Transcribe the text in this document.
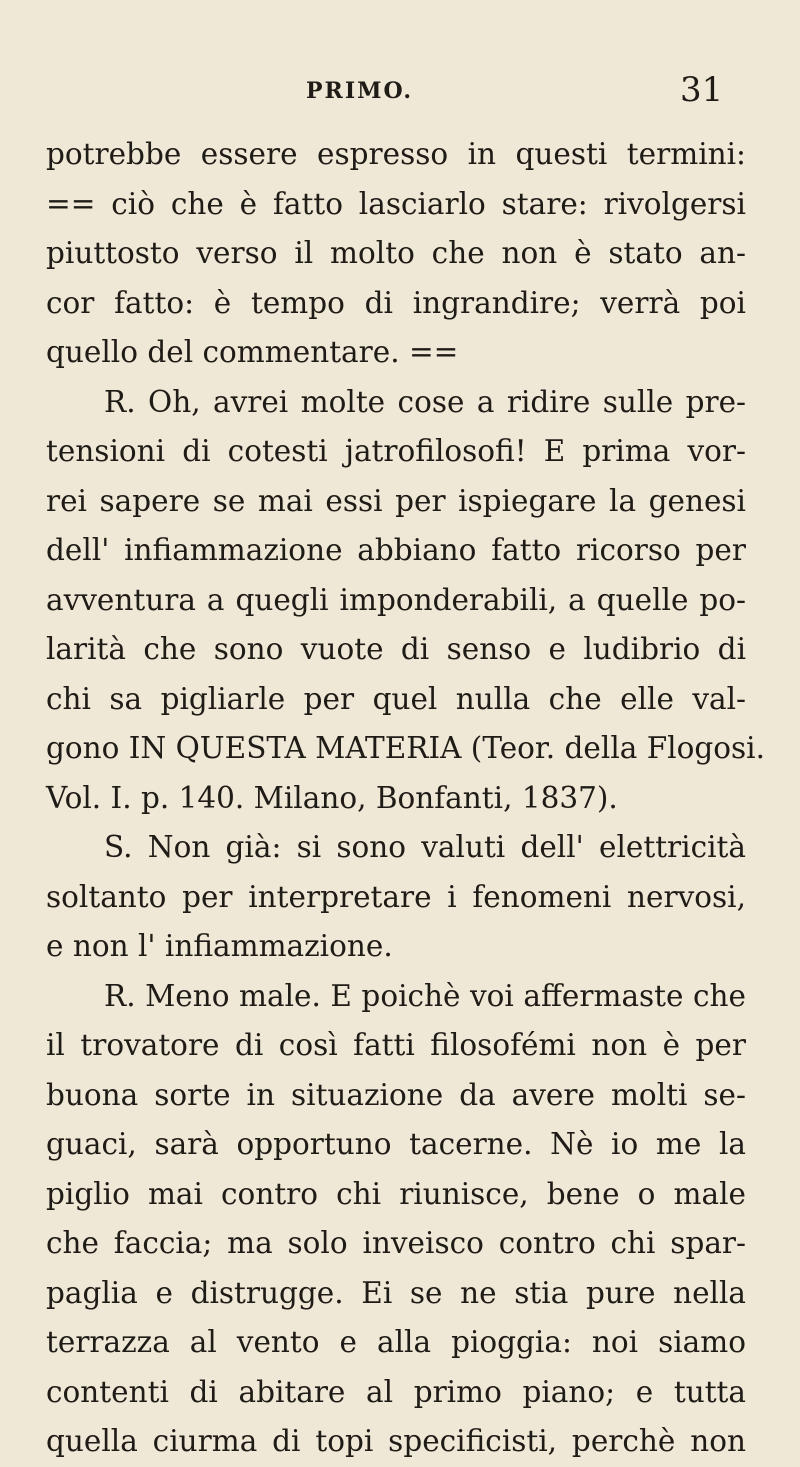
PRIMO.	31
potrebbe essere espresso in questi termini:
== ciò che è fatto lasciarlo stare: rivolgersi
piuttosto verso il molto che non è stato an-
cor fatto: è tempo di ingrandire; verrà poi
quello del commentare. ==
R. Oh, avrei molte cose a ridire sulle pre-
tensioni di cotesti jatrofilosofi! E prima vor-
rei sapere se mai essi per ispiegare la genesi
dell' infiammazione abbiano fatto ricorso per
avventura a quegli imponderabili, a quelle po-
larità che sono vuote di senso e ludibrio di
chi sa pigliarle per quel nulla che elle val-
gono IN QUESTA MATERIA (Teor. della Flogosi.
Vol. I. p. 140. Milano, Bonfanti, 1837).
S. Non già: si sono valuti dell' elettricità
soltanto per interpretare i fenomeni nervosi,
e non l' infiammazione.
R. Meno male. E poichè voi affermaste che
il trovatore di così fatti filosofémi non è per
buona sorte in situazione da avere molti se-
guaci, sarà opportuno tacerne. Nè io me la
piglio mai contro chi riunisce, bene o male
che faccia; ma solo inveisco contro chi spar-
paglia e distrugge. Ei se ne stia pure nella
terrazza al vento e alla pioggia: noi siamo
contenti di abitare al primo piano; e tutta
quella ciurma di topi specificisti, perchè non
